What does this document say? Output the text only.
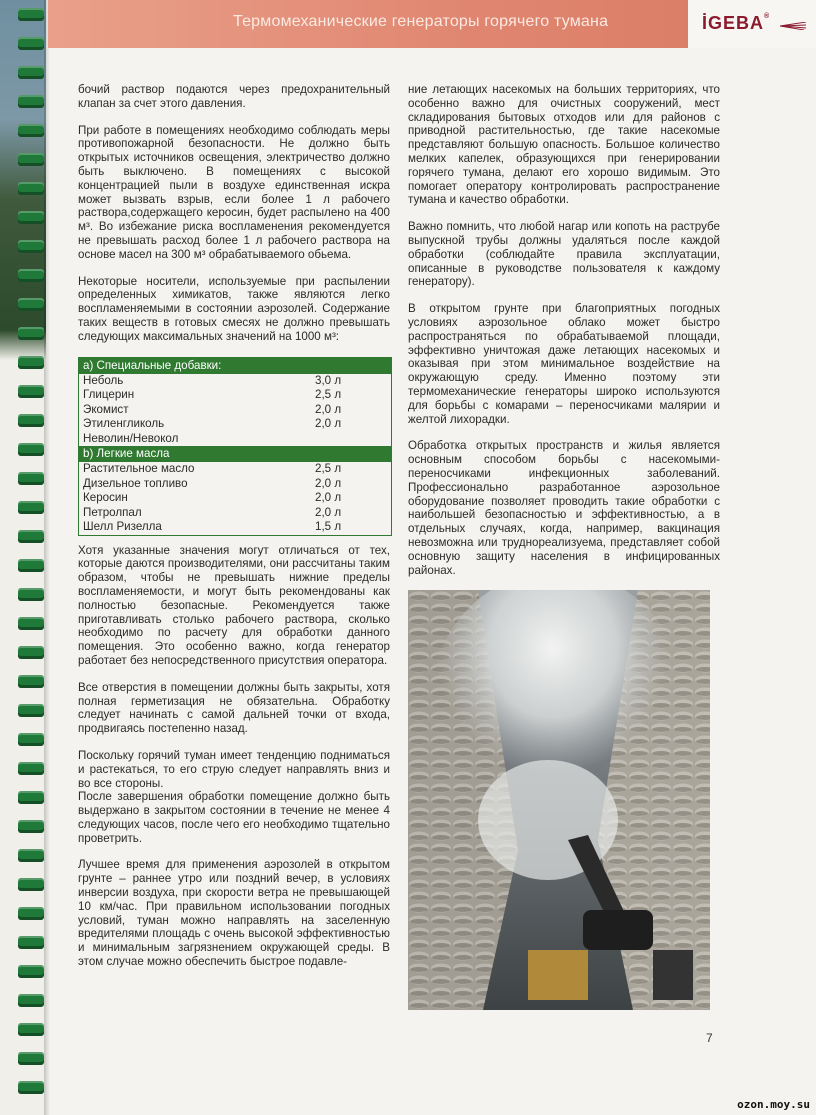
Термомеханические генераторы горячего тумана	İGEBA®

бочий раствор подаются через предохранительный клапан за счет этого давления.

При работе в помещениях необходимо соблюдать меры противопожарной безопасности. Не должно быть открытых источников освещения, электричество должно быть выключено. В помещениях с высокой концентрацией пыли в воздухе единственная искра может вызвать взрыв, если более 1 л рабочего раствора,содержащего керосин, будет распылено на 400 м³. Во избежание риска воспламенения рекомендуется не превышать расход более 1 л рабочего раствора на основе масел на 300 м³ обрабатываемого обьема.

Некоторые носители, используемые при распылении определенных химикатов, также являются легко воспламеняемыми в состоянии аэрозолей. Содержание таких веществ в готовых смесях не должно превышать следующих максимальных значений на 1000 м³:

a) Специальные добавки:
Неболь	3,0 л
Глицерин	2,5 л
Экомист	2,0 л
Этиленгликоль	2,0 л
Неволин/Невокол
b) Легкие масла
Растительное масло	2,5 л
Дизельное топливо	2,0 л
Керосин	2,0 л
Петролпал	2,0 л
Шелл Ризелла	1,5 л

Хотя указанные значения могут отличаться от тех, которые даются производителями, они рассчитаны таким образом, чтобы не превышать нижние пределы воспламеняемости, и могут быть рекомендованы как полностью безопасные. Рекомендуется также приготавливать столько рабочего раствора, сколько необходимо по расчету для обработки данного помещения. Это особенно важно, когда генератор работает без непосредственного присутствия оператора.

Все отверстия в помещении должны быть закрыты, хотя полная герметизация не обязательна. Обработку следует начинать с самой дальней точки от входа, продвигаясь постепенно назад.

Поскольку горячий туман имеет тенденцию подниматься и растекаться, то его струю следует направлять вниз и во все стороны.

После завершения обработки помещение должно быть выдержано в закрытом состоянии в течение не менее 4 следующих часов, после чего его необходимо тщательно проветрить.

Лучшее время для применения аэрозолей в открытом грунте – раннее утро или поздний вечер, в условиях инверсии воздуха, при скорости ветра не превышающей 10 км/час. При правильном использовании погодных условий, туман можно направлять на заселенную вредителями площадь с очень высокой эффективностью и минимальным загрязнением окружающей среды. В этом случае можно обеспечить быстрое подавле-

ние летающих насекомых на больших территориях, что особенно важно для очистных сооружений, мест складирования бытовых отходов или для районов с приводной растительностью, где такие насекомые представляют большую опасность. Большое количество мелких капелек, образующихся при генерировании горячего тумана, делают его хорошо видимым. Это помогает оператору контролировать распространение тумана и качество обработки.

Важно помнить, что любой нагар или копоть на раструбе выпускной трубы должны удаляться после каждой обработки (соблюдайте правила эксплуатации, описанные в руководстве пользователя к каждому генератору).

В открытом грунте при благоприятных погодных условиях аэрозольное облако может быстро распространяться по обрабатываемой площади, эффективно уничтожая даже летающих насекомых и оказывая при этом минимальное воздействие на окружающую среду. Именно поэтому эти термомеханические генераторы широко используются для борьбы с комарами – переносчиками малярии и желтой лихорадки.

Обработка открытых пространств и жилья является основным способом борьбы с насекомыми-переносчиками инфекционных заболеваний. Профессионально разработанное аэрозольное оборудование позволяет проводить такие обработки с наибольшей безопасностью и эффективностью, а в отдельных случаях, когда, например, вакцинация невозможна или труднореализуема, представляет собой основную защиту населения в инфицированных районах.

7
ozon.moy.su
